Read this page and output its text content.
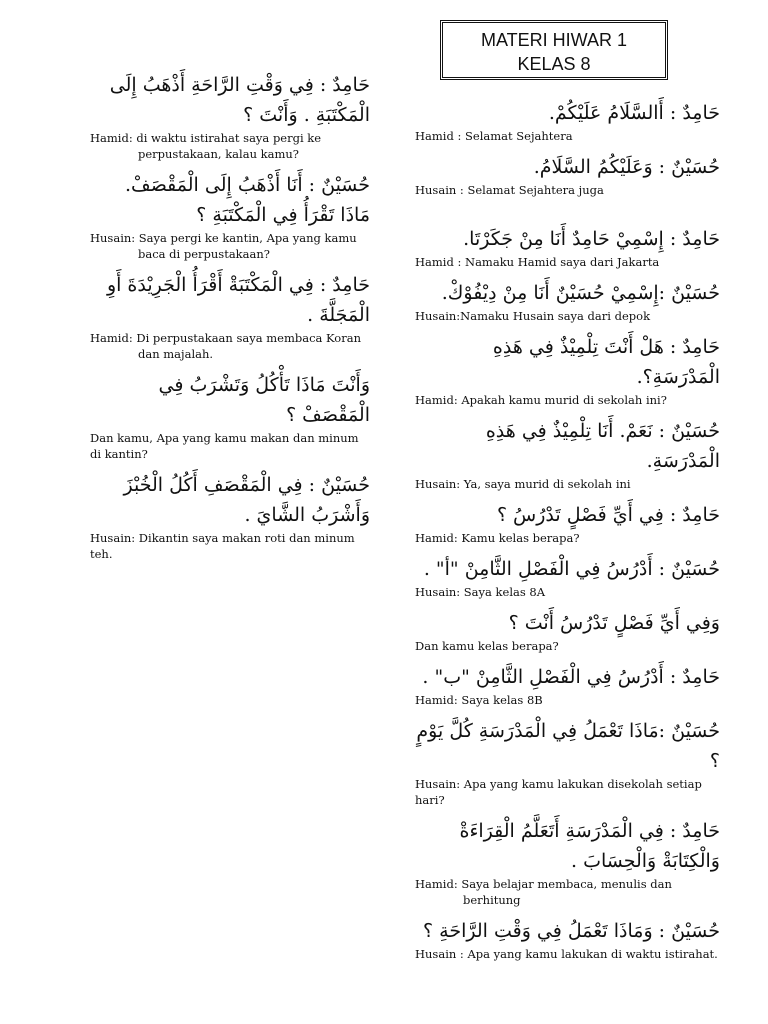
MATERI HIWAR 1
KELAS 8

حَامِدٌ : فِي وَقْتِ الرَّاحَةِ أَذْهَبُ إِلَى الْمَكْتَبَةِ . وَأَنْتَ ؟

Hamid: di waktu istirahat saya pergi ke perpustakaan, kalau kamu?

حُسَيْنٌ : أَنَا أَذْهَبُ إِلَى الْمَقْصَفْ. مَاذَا تَقْرَأُ فِي الْمَكْتَبَةِ ؟

Husain: Saya pergi ke kantin, Apa yang kamu baca di perpustakaan?

حَامِدٌ : فِي الْمَكْتَبَةْ أَقْرَأُ الْجَرِيْدَةَ أَوِ الْمَجَلَّةَ .

Hamid: Di perpustakaan saya membaca Koran dan majalah.

وَأَنْتَ مَاذَا تَأْكُلُ وَتَشْرَبُ فِي الْمَقْصَفْ ؟

Dan kamu, Apa yang kamu makan dan minum di kantin?

حُسَيْنٌ : فِي الْمَقْصَفِ أَكُلُ الْخُبْزَ وَأَشْرَبُ الشَّايَ .

Husain: Dikantin saya makan roti dan minum teh.

حَامِدٌ : أَالسَّلَامُ عَلَيْكُمْ.

Hamid : Selamat Sejahtera

حُسَيْنٌ : وَعَلَيْكُمُ السَّلَامُ.

Husain : Selamat Sejahtera juga

حَامِدٌ : إِسْمِيْ حَامِدٌ أَنَا مِنْ جَكَرْتَا.

Hamid : Namaku Hamid saya dari Jakarta

حُسَيْنٌ :إِسْمِيْ حُسَيْنٌ أَنَا مِنْ دِيْفُوْكْ.

Husain:Namaku Husain saya dari depok

حَامِدٌ : هَلْ أَنْتَ تِلْمِيْذٌ فِي هَذِهِ الْمَدْرَسَةِ؟.

Hamid: Apakah kamu murid di sekolah ini?

حُسَيْنٌ : نَعَمْ. أَنَا تِلْمِيْذٌ فِي هَذِهِ الْمَدْرَسَةِ.

Husain: Ya, saya murid di sekolah ini

حَامِدٌ : فِي أَيِّ فَصْلٍ تَدْرُسُ ؟

Hamid: Kamu kelas berapa?

حُسَيْنٌ : أَدْرُسُ فِي الْفَصْلِ الثَّامِنْ "أ" .

Husain: Saya kelas 8A

وَفِي أَيِّ فَصْلٍ تَدْرُسُ أَنْتَ ؟

Dan kamu kelas berapa?

حَامِدٌ : أَدْرُسُ فِي الْفَصْلِ الثَّامِنْ "ب" .

Hamid: Saya kelas 8B

حُسَيْنٌ :مَاذَا تَعْمَلُ فِي الْمَدْرَسَةِ كُلَّ يَوْمٍ ؟

Husain: Apa yang kamu lakukan disekolah setiap hari?

حَامِدٌ : فِي الْمَدْرَسَةِ أَتَعَلَّمُ الْقِرَاءَةْ وَالْكِتَابَةْ وَالْحِسَابَ .

Hamid: Saya belajar membaca, menulis dan berhitung

حُسَيْنٌ : وَمَاذَا تَعْمَلُ فِي وَقْتِ الرَّاحَةِ ؟

Husain : Apa yang kamu lakukan di waktu istirahat.
